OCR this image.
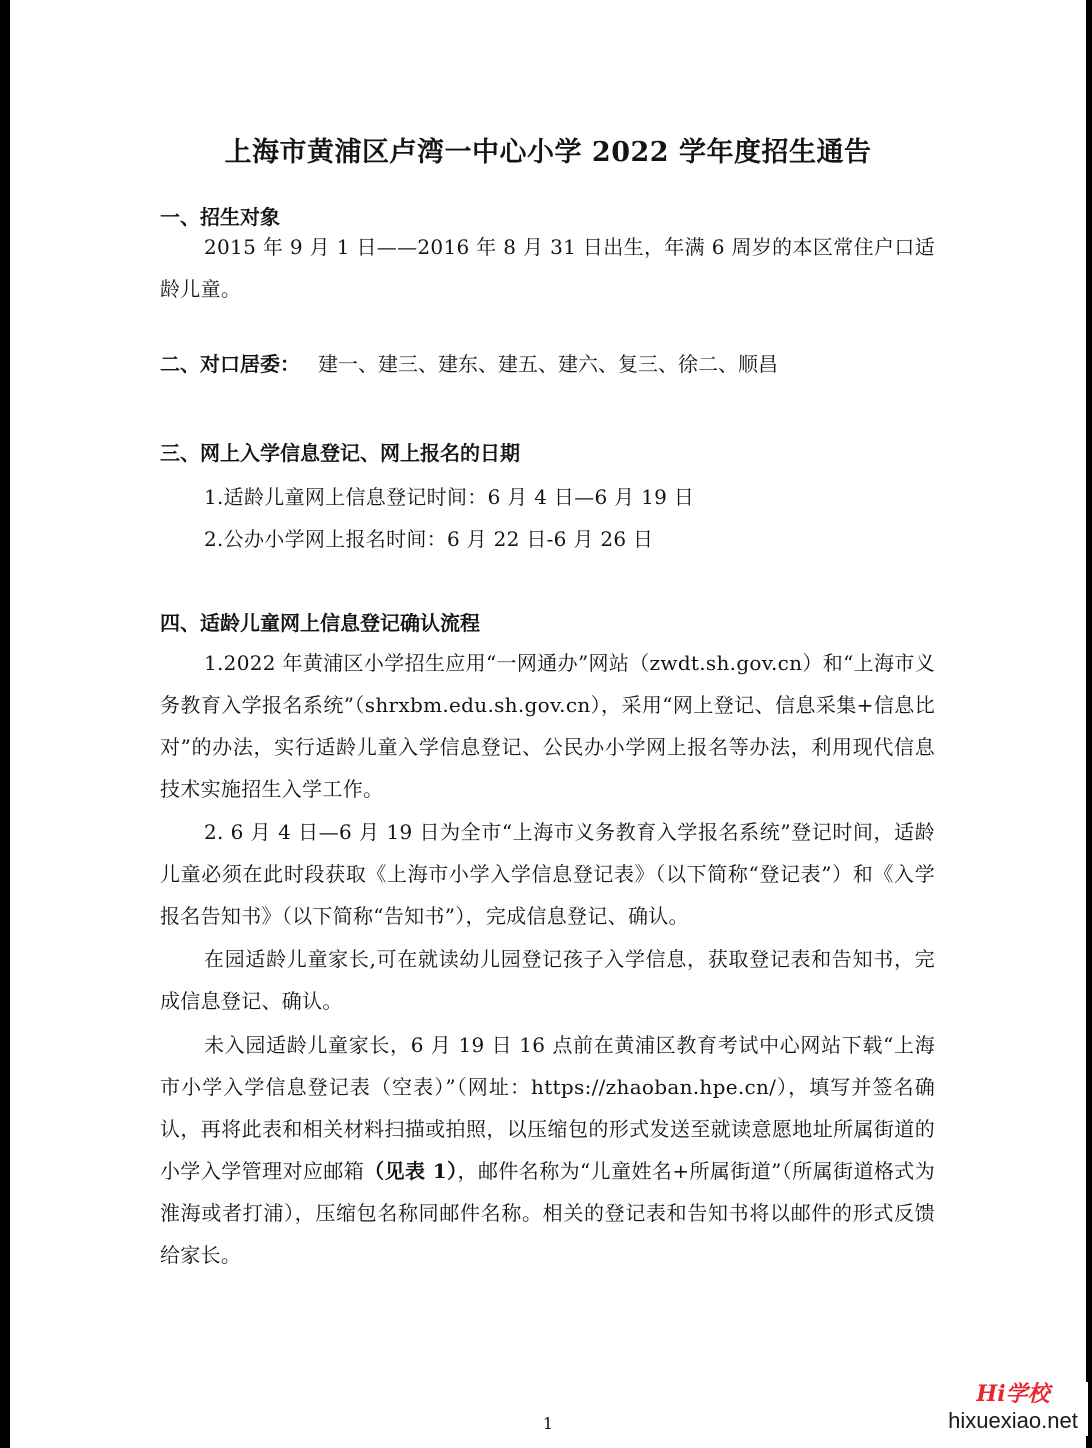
上海市黄浦区卢湾一中心小学 2022 学年度招生通告
一、招生对象

2015 年 9 月 1 日——2016 年 8 月 31 日出生，年满 6 周岁的本区常住户口适龄儿童。

二、对口居委： 建一、建三、建东、建五、建六、复三、徐二、顺昌
三、网上入学信息登记、网上报名的日期

1.适龄儿童网上信息登记时间：6 月 4 日—6 月 19 日

2.公办小学网上报名时间：6 月 22 日-6 月 26 日

四、适龄儿童网上信息登记确认流程

1.2022 年黄浦区小学招生应用“一网通办”网站（zwdt.sh.gov.cn）和“上海市义务教育入学报名系统”（shrxbm.edu.sh.gov.cn），采用“网上登记、信息采集+信息比对”的办法，实行适龄儿童入学信息登记、公民办小学网上报名等办法，利用现代信息技术实施招生入学工作。

2. 6 月 4 日—6 月 19 日为全市“上海市义务教育入学报名系统”登记时间，适龄儿童必须在此时段获取《上海市小学入学信息登记表》（以下简称“登记表”）和《入学报名告知书》（以下简称“告知书”），完成信息登记、确认。

在园适龄儿童家长,可在就读幼儿园登记孩子入学信息，获取登记表和告知书，完成信息登记、确认。

未入园适龄儿童家长，6 月 19 日 16 点前在黄浦区教育考试中心网站下载“上海市小学入学信息登记表（空表）”（网址：https://zhaoban.hpe.cn/），填写并签名确认，再将此表和相关材料扫描或拍照，以压缩包的形式发送至就读意愿地址所属街道的小学入学管理对应邮箱（见表 1），邮件名称为“儿童姓名+所属街道”（所属街道格式为淮海或者打浦），压缩包名称同邮件名称。相关的登记表和告知书将以邮件的形式反馈给家长。

1

Hi学校
hixuexiao.net
